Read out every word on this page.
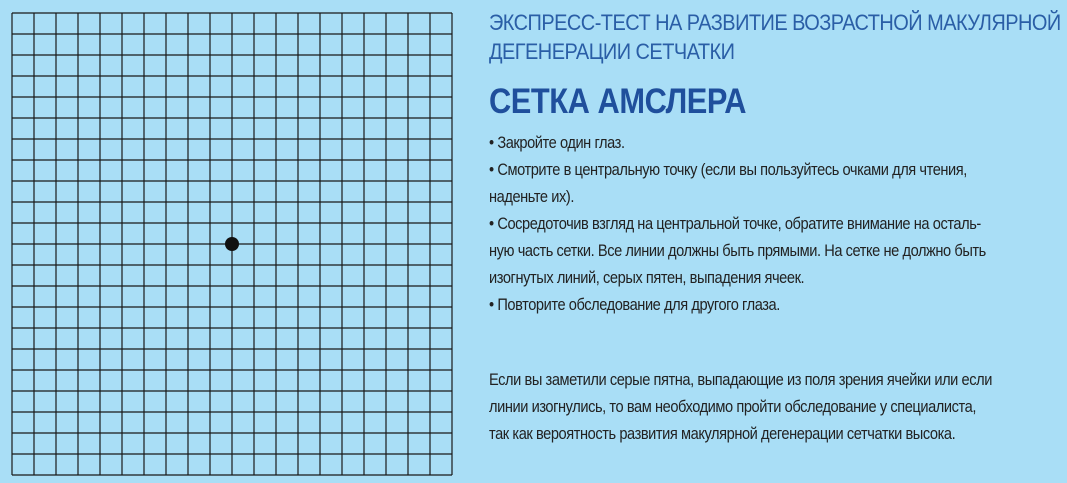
ЭКСПРЕСС-ТЕСТ НА РАЗВИТИЕ ВОЗРАСТНОЙ МАКУЛЯРНОЙ
ДЕГЕНЕРАЦИИ СЕТЧАТКИ
СЕТКА АМСЛЕРА
• Закройте один глаз.
• Смотрите в центральную точку (если вы пользуйтесь очками для чтения,
наденьте их).
• Сосредоточив взгляд на центральной точке, обратите внимание на осталь-
ную часть сетки. Все линии должны быть прямыми. На сетке не должно быть
изогнутых линий, серых пятен, выпадения ячеек.
• Повторите обследование для другого глаза.
Если вы заметили серые пятна, выпадающие из поля зрения ячейки или если
линии изогнулись, то вам необходимо пройти обследование у специалиста,
так как вероятность развития макулярной дегенерации сетчатки высока.
